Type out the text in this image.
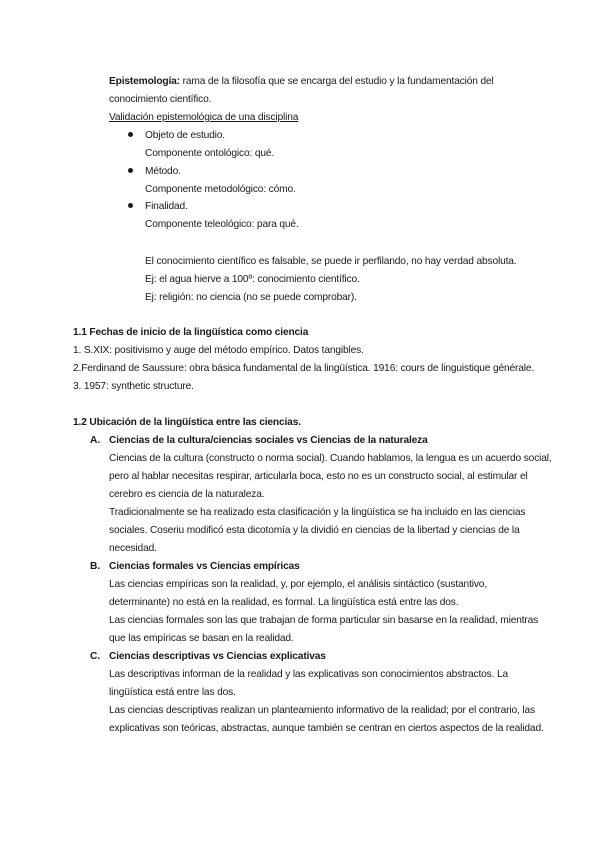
Epistemología: rama de la filosofía que se encarga del estudio y la fundamentación del
conocimiento científico.
Validación epistemológica de una disciplina
Objeto de estudio.
Componente ontológico: qué.
Método.
Componente metodológico: cómo.
Finalidad.
Componente teleológico: para qué.
El conocimiento científico es falsable, se puede ir perfilando, no hay verdad absoluta.
Ej: el agua hierve a 100º: conocimiento científico.
Ej: religión: no ciencia (no se puede comprobar).
1.1 Fechas de inicio de la lingüística como ciencia
1. S.XIX: positivismo y auge del método empírico. Datos tangibles.
2.Ferdinand de Saussure: obra básica fundamental de la lingüística. 1916: cours de linguistique générale.
3. 1957: synthetic structure.
1.2 Ubicación de la lingüística entre las ciencias.
A. Ciencias de la cultura/ciencias sociales vs Ciencias de la naturaleza
Ciencias de la cultura (constructo o norma social). Cuando hablamos, la lengua es un acuerdo social,
pero al hablar necesitas respirar, articularla boca, esto no es un constructo social, al estimular el
cerebro es ciencia de la naturaleza.
Tradicionalmente se ha realizado esta clasificación y la lingüística se ha incluido en las ciencias
sociales. Coseriu modificó esta dicotomía y la dividió en ciencias de la libertad y ciencias de la
necesidad.
B. Ciencias formales vs Ciencias empíricas
Las ciencias empíricas son la realidad, y, por ejemplo, el análisis sintáctico (sustantivo,
determinante) no está en la realidad, es formal. La lingüística está entre las dos.
Las ciencias formales son las que trabajan de forma particular sin basarse en la realidad, mientras
que las empíricas se basan en la realidad.
C. Ciencias descriptivas vs Ciencias explicativas
Las descriptivas informan de la realidad y las explicativas son conocimientos abstractos. La
lingüística está entre las dos.
Las ciencias descriptivas realizan un planteamiento informativo de la realidad; por el contrario, las
explicativas son teóricas, abstractas, aunque también se centran en ciertos aspectos de la realidad.
